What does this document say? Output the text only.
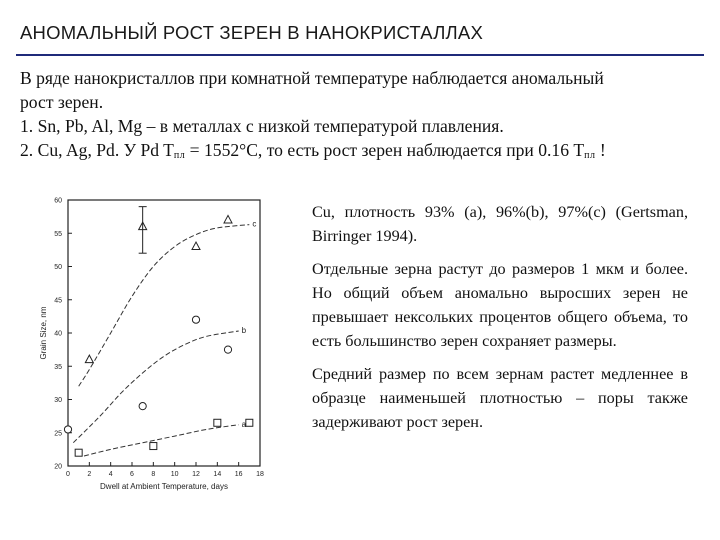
АНОМАЛЬНЫЙ РОСТ ЗЕРЕН В НАНОКРИСТАЛЛАХ
В ряде нанокристаллов при комнатной температуре наблюдается аномальный
рост зерен.
1. Sn, Pb, Al, Mg – в металлах с низкой температурой плавления.
2. Cu, Ag, Pd. У Pd $T_{пл} = 1552^\circ C$, то есть рост зерен наблюдается при 0.16 $T_{пл}$ !
20
25
30
35
40
45
50
55
60
0 2 4 6 8 10 12 14 16 18
Dwell at Ambient Temperature, days
Grain Size, nm
a
b
c

Cu, плотность 93% (a), 96%(b), 97%(c) (Gertsman, Birringer 1994).

Отдельные зерна растут до размеров 1 мкм и более. Но общий объем аномально выросших зерен не превышает нексольких процентов общего объема, то есть большинство зерен сохраняет размеры.

Средний размер по всем зернам растет медленнее в образце наименьшей плотностью – поры также задерживают рост зерен.
